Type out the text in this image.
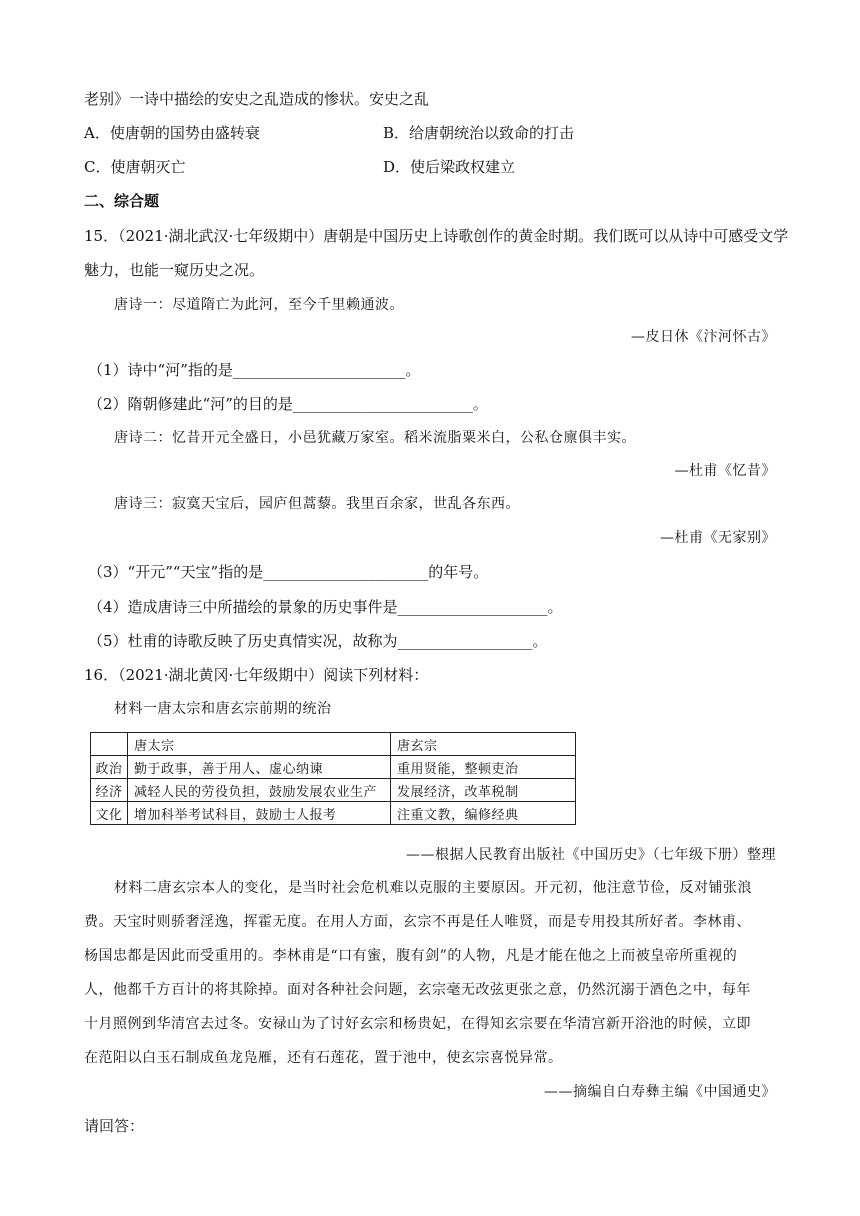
老别》一诗中描绘的安史之乱造成的惨状。安史之乱
A．使唐朝的国势由盛转衰	B．给唐朝统治以致命的打击
C．使唐朝灭亡	D．使后梁政权建立
二、综合题
15．（2021·湖北武汉·七年级期中）唐朝是中国历史上诗歌创作的黄金时期。我们既可以从诗中可感受文学
魅力，也能一窥历史之况。
唐诗一：尽道隋亡为此河，至今千里赖通波。
—皮日休《汴河怀古》
（1）诗中“河”指的是_______________________。
（2）隋朝修建此“河”的目的是________________________。
唐诗二：忆昔开元全盛日，小邑犹藏万家室。稻米流脂粟米白，公私仓廪俱丰实。
—杜甫《忆昔》
唐诗三：寂寞天宝后，园庐但蒿藜。我里百余家，世乱各东西。
—杜甫《无家别》
（3）“开元”“天宝”指的是______________________的年号。
（4）造成唐诗三中所描绘的景象的历史事件是____________________。
（5）杜甫的诗歌反映了历史真情实况，故称为__________________。
16．（2021·湖北黄冈·七年级期中）阅读下列材料：
材料一唐太宗和唐玄宗前期的统治
	唐太宗	唐玄宗
政治	勤于政事，善于用人、虚心纳谏	重用贤能，整顿吏治
经济	减轻人民的劳役负担，鼓励发展农业生产	发展经济，改革税制
文化	增加科举考试科目，鼓励士人报考	注重文教，编修经典
——根据人民教育出版社《中国历史》（七年级下册）整理
材料二唐玄宗本人的变化，是当时社会危机难以克服的主要原因。开元初，他注意节俭，反对铺张浪
费。天宝时则骄奢淫逸，挥霍无度。在用人方面，玄宗不再是任人唯贤，而是专用投其所好者。李林甫、
杨国忠都是因此而受重用的。李林甫是“口有蜜，腹有剑”的人物，凡是才能在他之上而被皇帝所重视的
人，他都千方百计的将其除掉。面对各种社会问题，玄宗毫无改弦更张之意，仍然沉溺于酒色之中，每年
十月照例到华清宫去过冬。安禄山为了讨好玄宗和杨贵妃，在得知玄宗要在华清宫新开浴池的时候，立即
在范阳以白玉石制成鱼龙凫雁，还有石莲花，置于池中，使玄宗喜悦异常。
——摘编自白寿彝主编《中国通史》
请回答：
